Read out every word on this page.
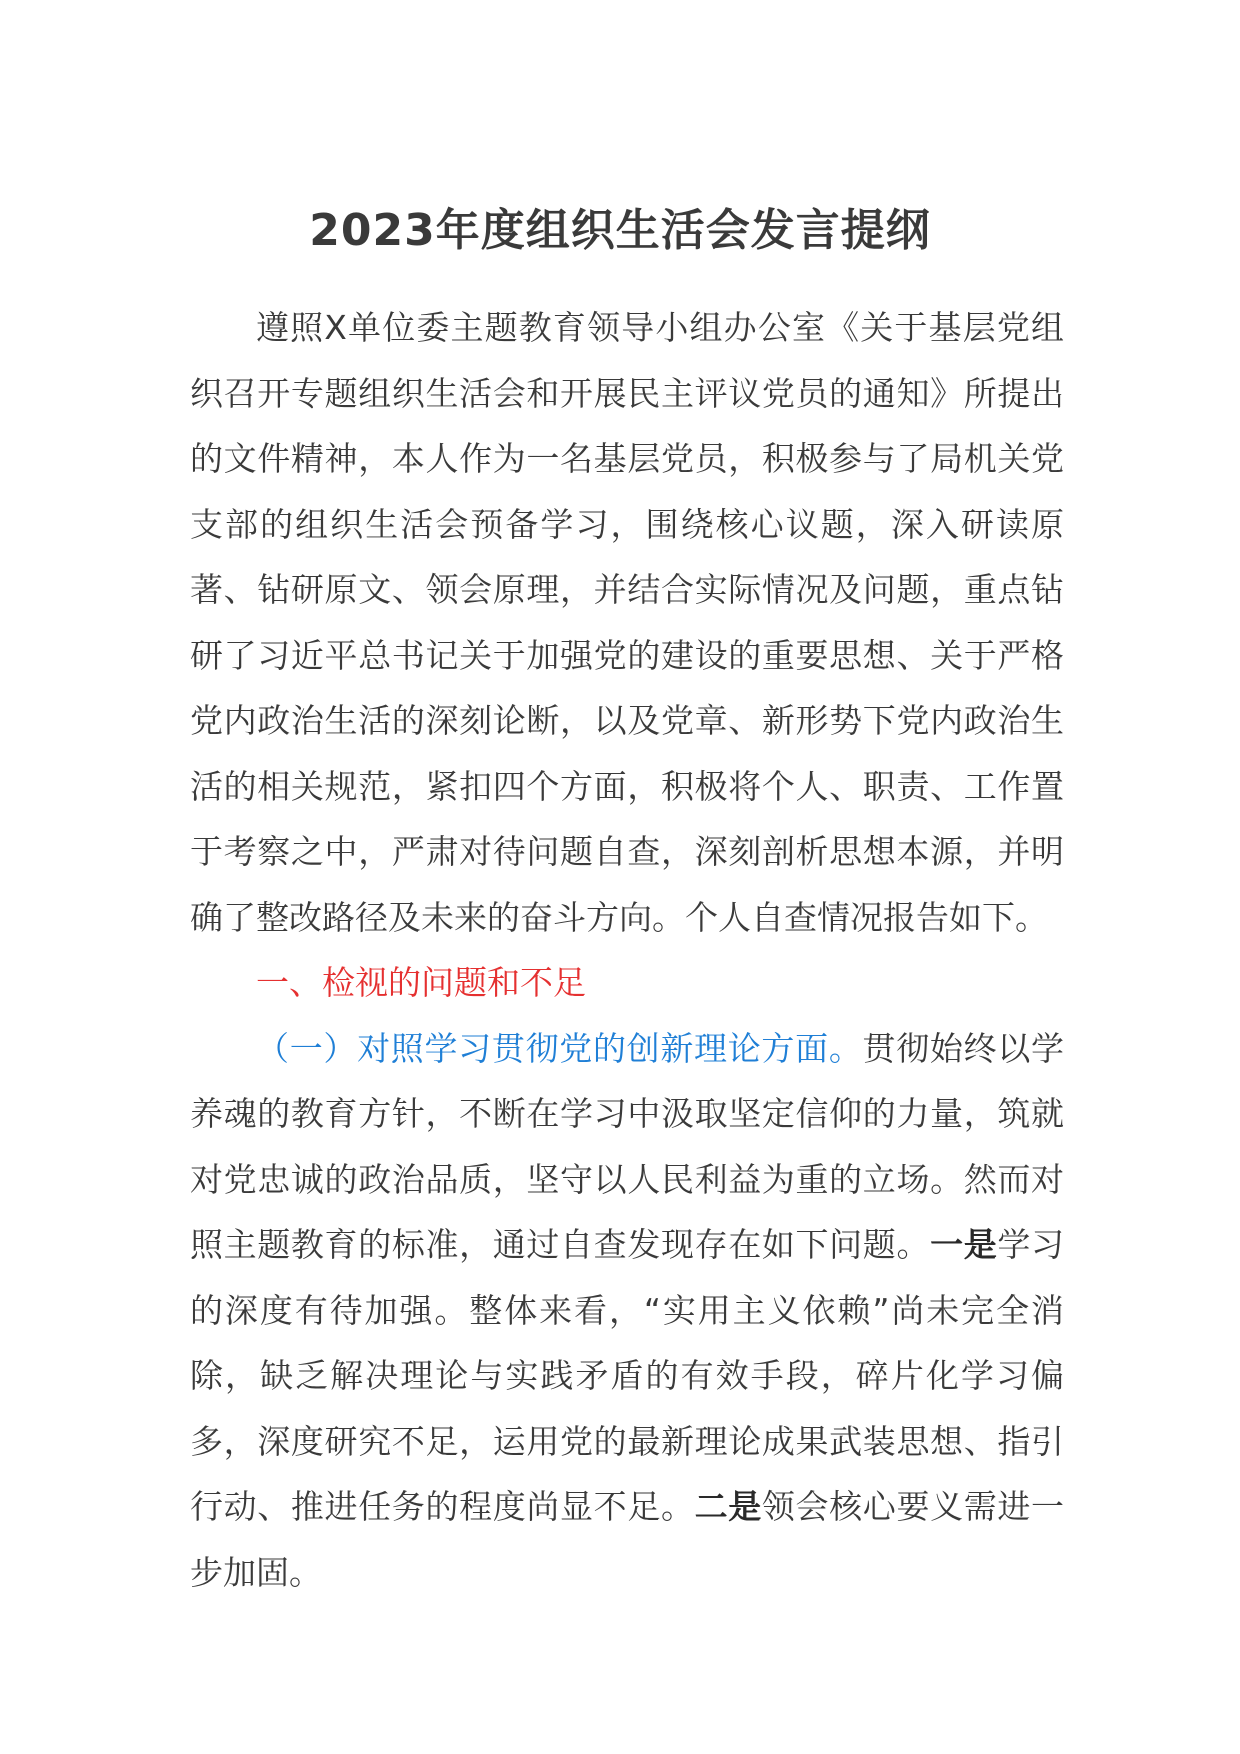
2023年度组织生活会发言提纲

遵照X单位委主题教育领导小组办公室《关于基层党组织召开专题组织生活会和开展民主评议党员的通知》所提出的文件精神，本人作为一名基层党员，积极参与了局机关党支部的组织生活会预备学习，围绕核心议题，深入研读原著、钻研原文、领会原理，并结合实际情况及问题，重点钻研了习近平总书记关于加强党的建设的重要思想、关于严格党内政治生活的深刻论断，以及党章、新形势下党内政治生活的相关规范，紧扣四个方面，积极将个人、职责、工作置于考察之中，严肃对待问题自查，深刻剖析思想本源，并明确了整改路径及未来的奋斗方向。个人自查情况报告如下。

一、检视的问题和不足

（一）对照学习贯彻党的创新理论方面。贯彻始终以学养魂的教育方针，不断在学习中汲取坚定信仰的力量，筑就对党忠诚的政治品质，坚守以人民利益为重的立场。然而对照主题教育的标准，通过自查发现存在如下问题。一是学习的深度有待加强。整体来看，“实用主义依赖”尚未完全消除，缺乏解决理论与实践矛盾的有效手段，碎片化学习偏多，深度研究不足，运用党的最新理论成果武装思想、指引行动、推进任务的程度尚显不足。二是领会核心要义需进一步加固。
